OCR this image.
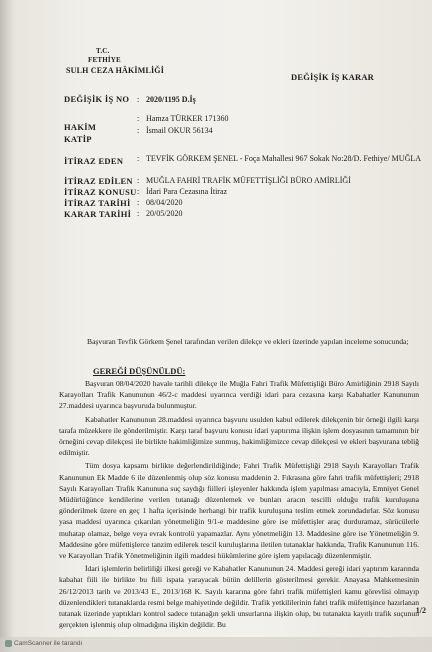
T.C.
FETHİYE
SULH CEZA HÂKİMLİĞİ
DEĞİŞİK İŞ KARAR
DEĞİŞİK İŞ NO : 2020/1195 D.İş
HAKİM
: Hamza TÜRKER 171360
KATİP
: İsmail OKUR 56134
İTİRAZ EDEN : TEVFİK GÖRKEM ŞENEL - Foça Mahallesi 967 Sokak No:28/D. Fethiye/ MUĞLA
İTİRAZ EDİLEN : MUĞLA FAHRİ TRAFİK MÜFETTİŞLİĞİ BÜRO AMİRLİĞİ
İTİRAZ KONUSU : İdari Para Cezasına İtiraz
İTİRAZ TARİHİ : 08/04/2020
KARAR TARİHİ : 20/05/2020

Başvuran Tevfik Görkem Şenel tarafından verilen dilekçe ve ekleri üzerinde yapılan inceleme sonucunda;

GEREĞİ DÜŞÜNÜLDÜ:

Başvuran 08/04/2020 havale tarihli dilekçe ile Muğla Fahri Trafik Müfettişliği Büro Amirliğinin 2918 Sayılı Karayolları Trafik Kanununun 46/2-c maddesi uyarınca verdiği idari para cezasına karşı Kabahatler Kanununun 27.maddesi uyarınca başvuruda bulunmuştur.

Kabahatler Kanununun 28.maddesi uyarınca başvuru usulden kabul edilerek dilekçenin bir örneği ilgili karşı tarafa müzekkere ile gönderilmiştir. Karşı taraf başvuru konusu idari yaptırıma ilişkin işlem dosyasının tamamının bir örneğini cevap dilekçesi ile birlikte hakimliğimize sunmuş, hakimliğimizce cevap dilekçesi ve ekleri başvurana tebliğ edilmiştir.

Tüm dosya kapsamı birlikte değerlendirildiğinde; Fahri Trafik Müfettişliği 2918 Sayılı Karayolları Trafik Kanununun Ek Madde 6 ile düzenlenmiş olup söz konusu maddenin 2. Fıkrasına göre fahri trafik müfettişleri; 2918 Sayılı Karayolları Trafik Kanununa suç saydığı fiilleri işleyenler hakkında işlem yapılması amacıyla, Emniyet Genel Müdürlüğünce kendilerine verilen tutanağı düzenlemek ve bunları aracın tescilli olduğu trafik kuruluşuna gönderilmek üzere en geç 1 hafta içerisinde herhangi bir trafik kuruluşuna teslim etmek zorundadırlar. Söz konusu yasa maddesi uyarınca çıkarılan yönetmeliğin 9/1-e maddesine göre ise müfettişler araç durduramaz, sürücülerle muhatap olamaz, belge veya evrak kontrolü yapamazlar. Aynı yönetmeliğin 13. Maddesine göre ise Yönetmeliğin 9. Maddesine göre müfettişlerce tanzim edilerek tescil kuruluşlarına iletilen tutanaklar hakkında, Trafik Kanununun 116. ve Karayolları Trafik Yönetmeliğinin ilgili maddesi hükümlerine göre işlem yapılacağı düzenlenmiştir.

İdari işlemlerin belirliliği ilkesi gereği ve Kabahatler Kanununun 24. Maddesi gereği idari yaptırım kararında kabahat fiili ile birlikte bu fiili ispata yarayacak bütün delillerin gösterilmesi gerekir. Anayasa Mahkemesinin 26/12/2013 tarih ve 2013/43 E., 2013/168 K. Sayılı kararına göre fahri trafik müfettişleri kamu görevlisi olmayıp düzenlendikleri tutanaklarda resmi belge mahiyetinde değildir. Trafik yetkililerinin fahri trafik müfettişince hazırlanan tutanak üzerinde yaptıkları kontrol sadece tutanağın şekli unsurlarına ilişkin olup, bu tutanakta kayıtlı trafik suçunun gerçekten işlenmiş olup olmadığına ilişkin değildir. Bu

1/2
CamScanner ile tarandı
